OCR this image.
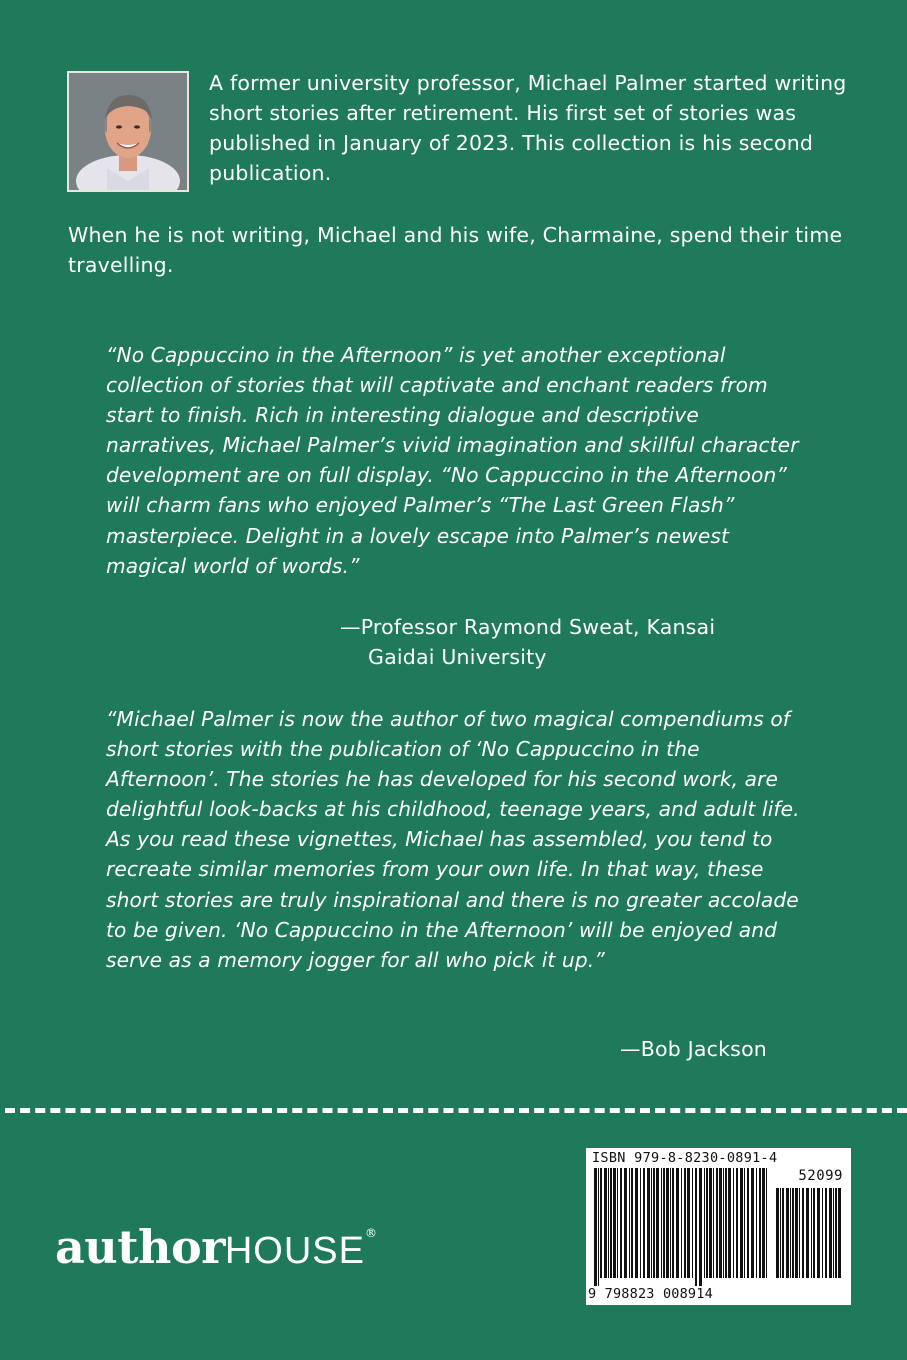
A former university professor, Michael Palmer started writing short stories after retirement. His first set of stories was published in January of 2023. This collection is his second publication.
When he is not writing, Michael and his wife, Charmaine, spend their time travelling.
“No Cappuccino in the Afternoon” is yet another exceptional collection of stories that will captivate and enchant readers from start to finish. Rich in interesting dialogue and descriptive narratives, Michael Palmer’s vivid imagination and skillful character development are on full display. “No Cappuccino in the Afternoon” will charm fans who enjoyed Palmer’s “The Last Green Flash” masterpiece. Delight in a lovely escape into Palmer’s newest magical world of words.”
—Professor Raymond Sweat, Kansai
Gaidai University
“Michael Palmer is now the author of two magical compendiums of short stories with the publication of ‘No Cappuccino in the Afternoon’. The stories he has developed for his second work, are delightful look-backs at his childhood, teenage years, and adult life. As you read these vignettes, Michael has assembled, you tend to recreate similar memories from your own life. In that way, these short stories are truly inspirational and there is no greater accolade to be given. ‘No Cappuccino in the Afternoon’ will be enjoyed and serve as a memory jogger for all who pick it up.”
—Bob Jackson
authorHOUSE®
ISBN 979-8-8230-0891-4
52099
9 798823 008914
